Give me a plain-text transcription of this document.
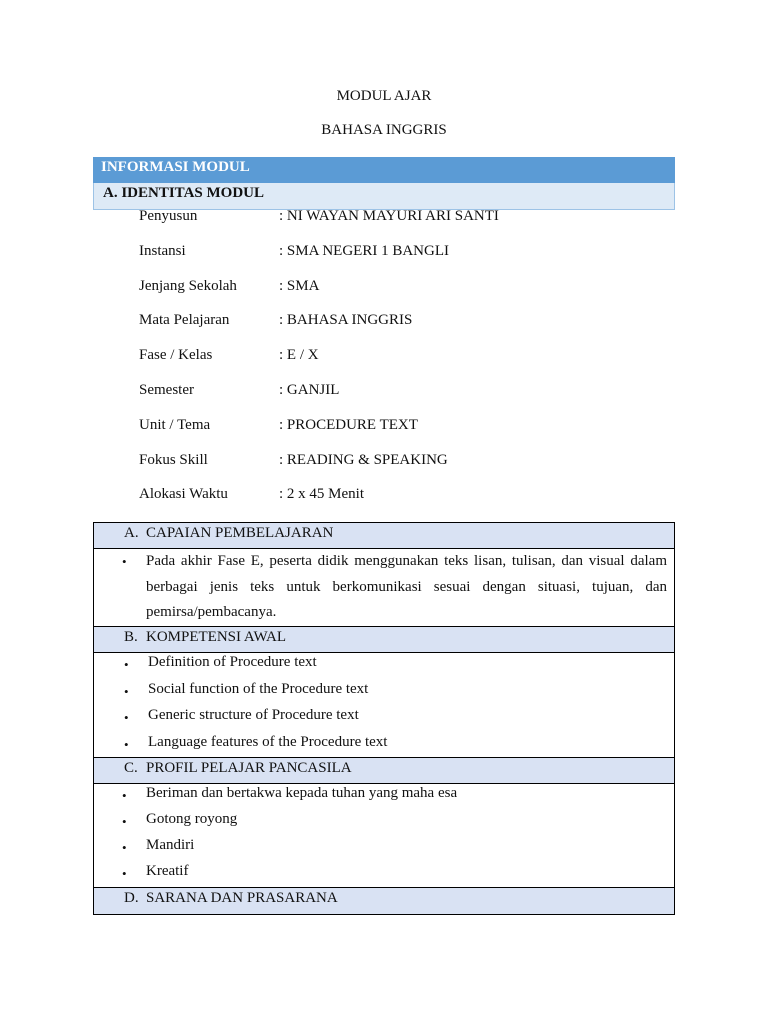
MODUL AJAR
BAHASA INGGRIS
INFORMASI MODUL
A. IDENTITAS MODUL
Penyusun	: NI WAYAN MAYURI ARI SANTI
Instansi	: SMA NEGERI 1 BANGLI
Jenjang Sekolah	: SMA
Mata Pelajaran	: BAHASA INGGRIS
Fase / Kelas	: E / X
Semester	: GANJIL
Unit / Tema	: PROCEDURE TEXT
Fokus Skill	: READING & SPEAKING
Alokasi Waktu	: 2 x 45 Menit
A. CAPAIAN PEMBELAJARAN
• Pada akhir Fase E, peserta didik menggunakan teks lisan, tulisan, dan visual dalam
berbagai jenis teks untuk berkomunikasi sesuai dengan situasi, tujuan, dan
pemirsa/pembacanya.
B. KOMPETENSI AWAL
• Definition of Procedure text
• Social function of the Procedure text
• Generic structure of Procedure text
• Language features of the Procedure text
C. PROFIL PELAJAR PANCASILA
• Beriman dan bertakwa kepada tuhan yang maha esa
• Gotong royong
• Mandiri
• Kreatif
D. SARANA DAN PRASARANA
